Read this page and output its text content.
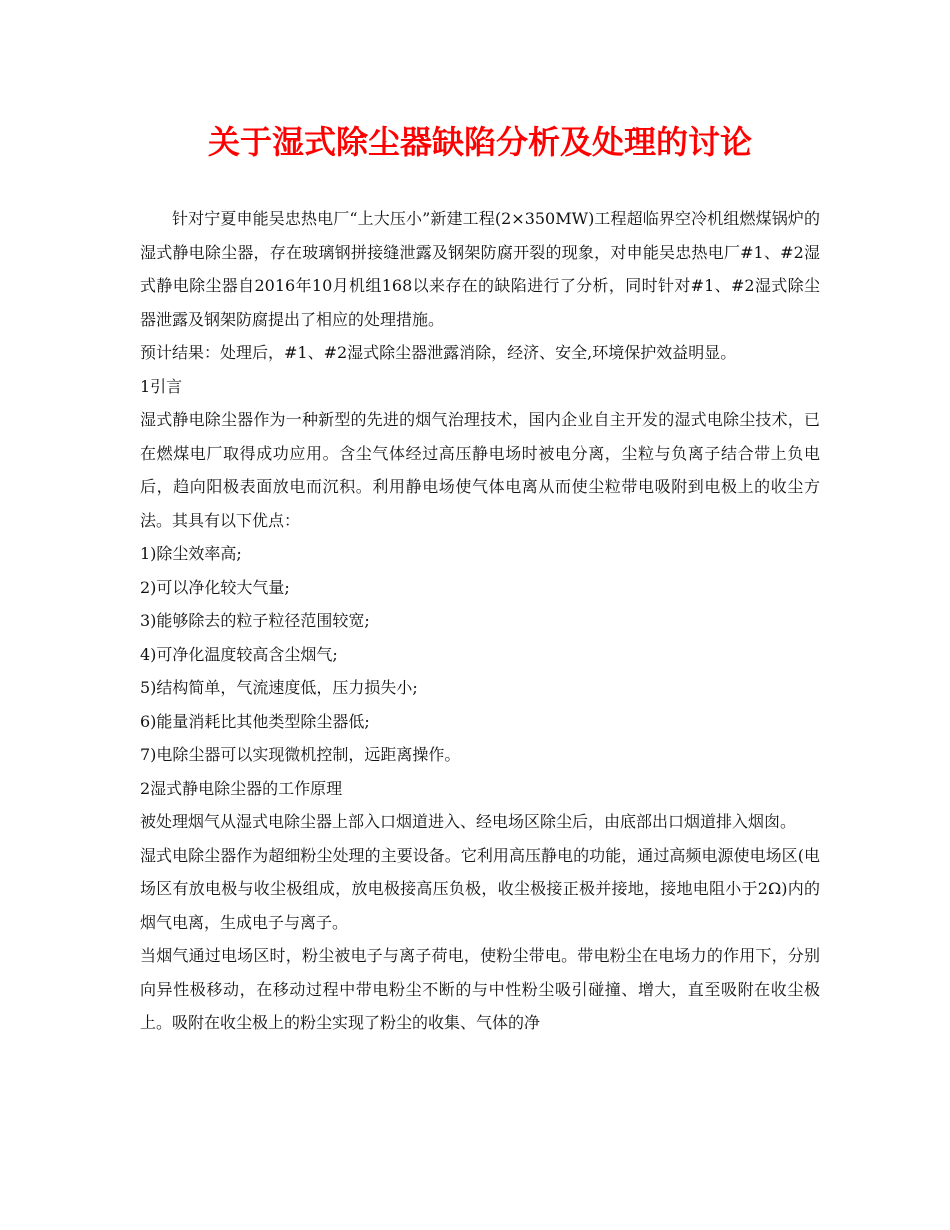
关于湿式除尘器缺陷分析及处理的讨论

针对宁夏申能吴忠热电厂“上大压小”新建工程(2×350MW)工程超临界空冷机组燃煤锅炉的湿式静电除尘器，存在玻璃钢拼接缝泄露及钢架防腐开裂的现象，对申能吴忠热电厂#1、#2湿式静电除尘器自2016年10月机组168以来存在的缺陷进行了分析，同时针对#1、#2湿式除尘器泄露及钢架防腐提出了相应的处理措施。

预计结果：处理后，#1、#2湿式除尘器泄露消除，经济、安全,环境保护效益明显。

1引言

湿式静电除尘器作为一种新型的先进的烟气治理技术，国内企业自主开发的湿式电除尘技术，已在燃煤电厂取得成功应用。含尘气体经过高压静电场时被电分离，尘粒与负离子结合带上负电后，趋向阳极表面放电而沉积。利用静电场使气体电离从而使尘粒带电吸附到电极上的收尘方法。其具有以下优点：

1)除尘效率高;

2)可以净化较大气量;

3)能够除去的粒子粒径范围较宽;

4)可净化温度较高含尘烟气;

5)结构简单，气流速度低，压力损失小;

6)能量消耗比其他类型除尘器低;

7)电除尘器可以实现微机控制，远距离操作。

2湿式静电除尘器的工作原理

被处理烟气从湿式电除尘器上部入口烟道进入、经电场区除尘后，由底部出口烟道排入烟囱。

湿式电除尘器作为超细粉尘处理的主要设备。它利用高压静电的功能，通过高频电源使电场区(电场区有放电极与收尘极组成，放电极接高压负极，收尘极接正极并接地，接地电阻小于2Ω)内的烟气电离，生成电子与离子。

当烟气通过电场区时，粉尘被电子与离子荷电，使粉尘带电。带电粉尘在电场力的作用下，分别向异性极移动，在移动过程中带电粉尘不断的与中性粉尘吸引碰撞、增大，直至吸附在收尘极上。吸附在收尘极上的粉尘实现了粉尘的收集、气体的净
